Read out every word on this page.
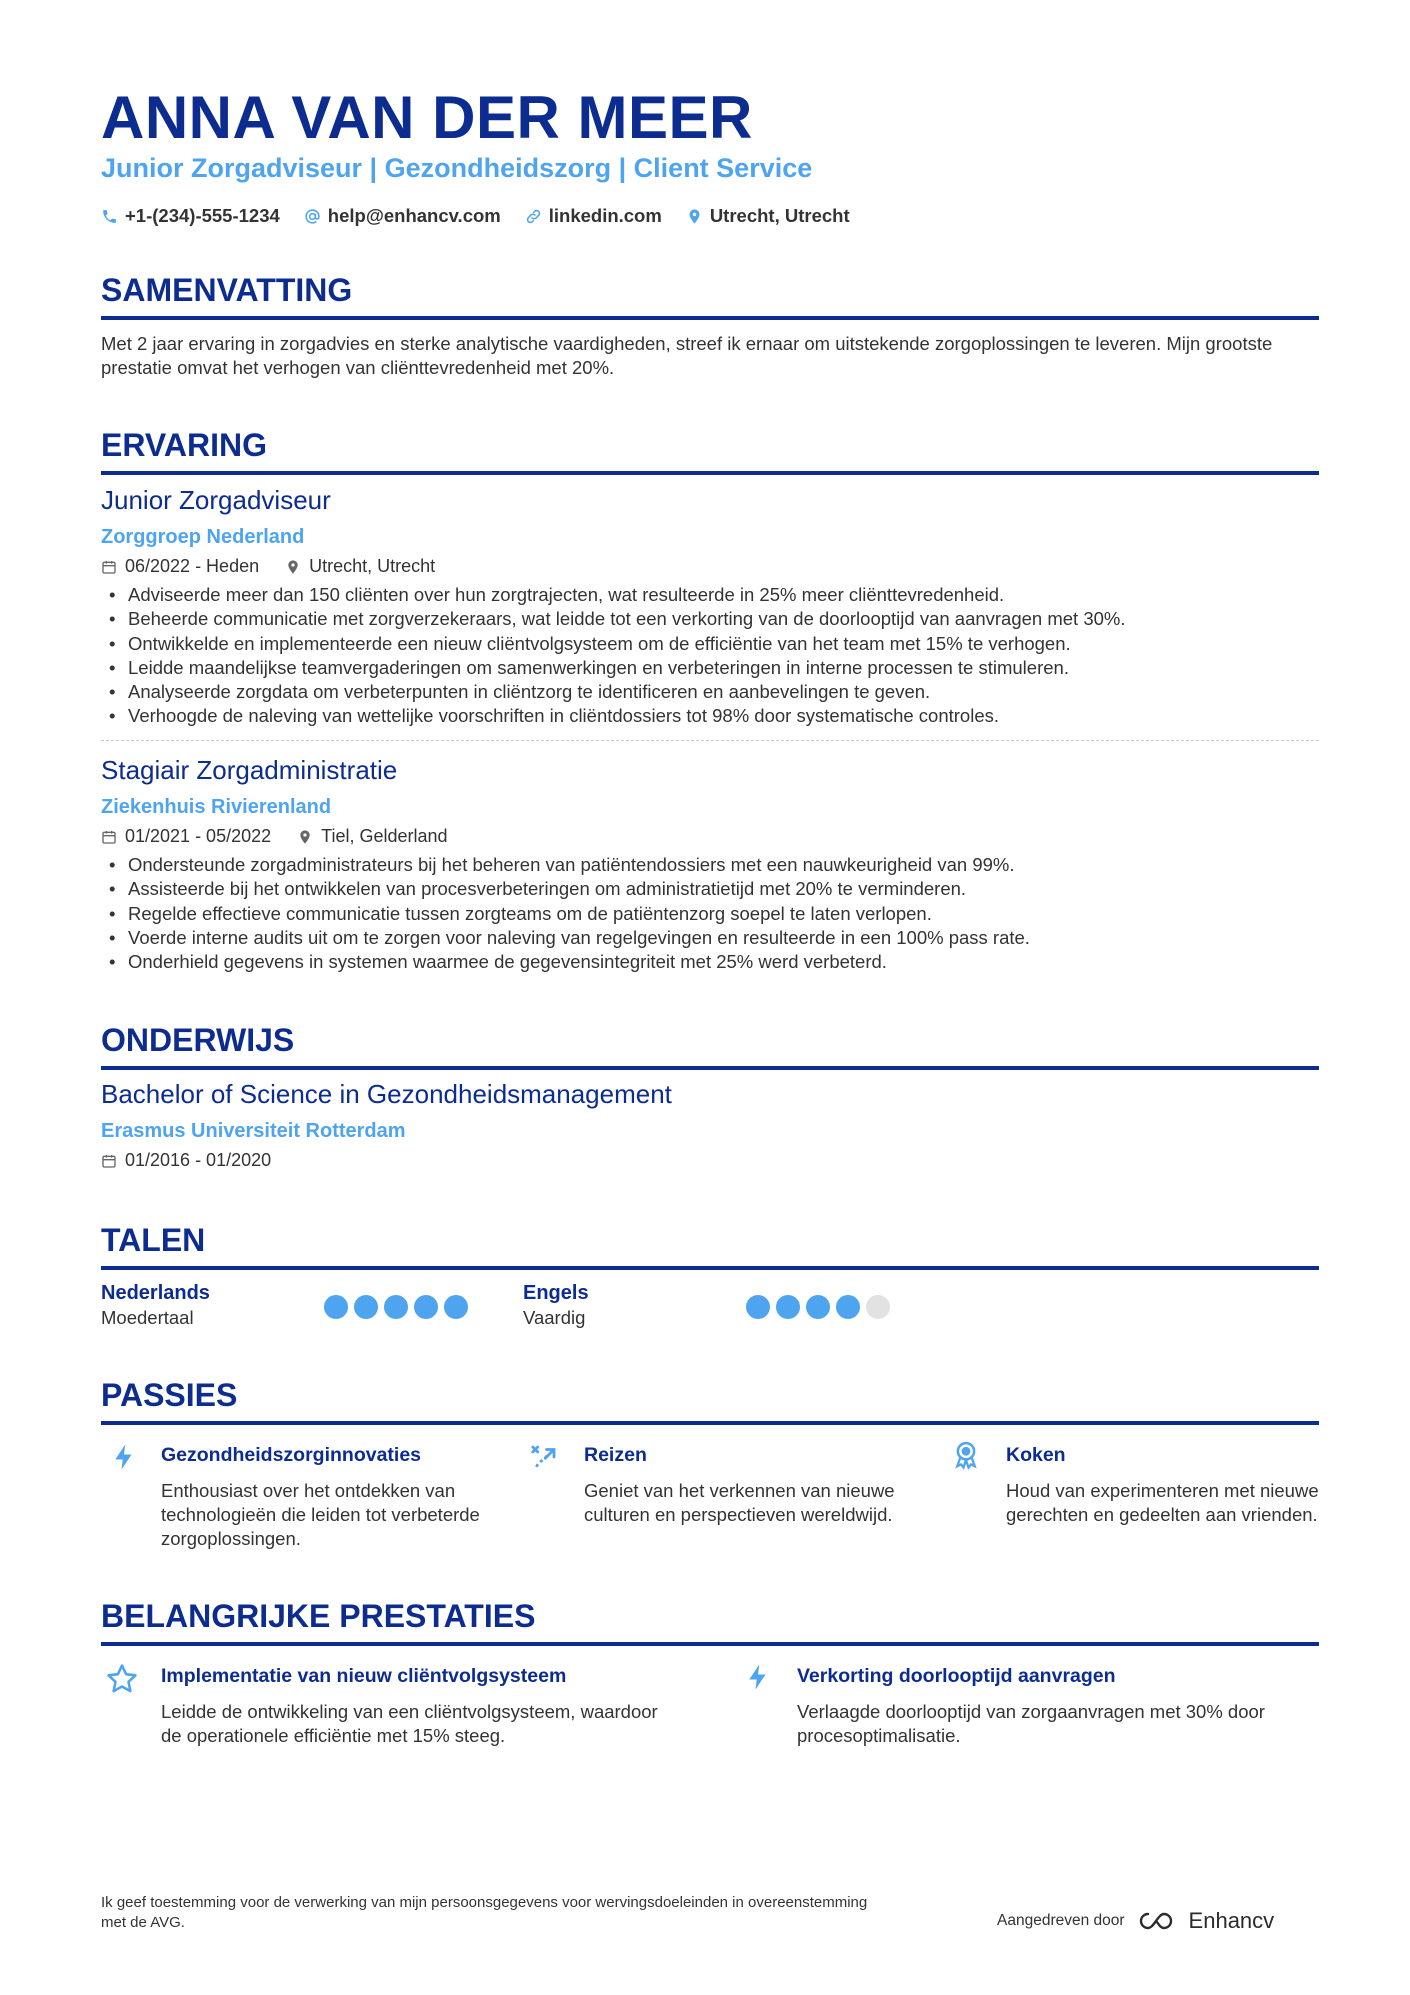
ANNA VAN DER MEER
Junior Zorgadviseur | Gezondheidszorg | Client Service
+1-(234)-555-1234	help@enhancv.com	linkedin.com	Utrecht, Utrecht
SAMENVATTING
Met 2 jaar ervaring in zorgadvies en sterke analytische vaardigheden, streef ik ernaar om uitstekende zorgoplossingen te leveren. Mijn grootste prestatie omvat het verhogen van cliënttevredenheid met 20%.
ERVARING
Junior Zorgadviseur
Zorggroep Nederland
06/2022 - Heden	Utrecht, Utrecht
• Adviseerde meer dan 150 cliënten over hun zorgtrajecten, wat resulteerde in 25% meer cliënttevredenheid.
• Beheerde communicatie met zorgverzekeraars, wat leidde tot een verkorting van de doorlooptijd van aanvragen met 30%.
• Ontwikkelde en implementeerde een nieuw cliëntvolgsysteem om de efficiëntie van het team met 15% te verhogen.
• Leidde maandelijkse teamvergaderingen om samenwerkingen en verbeteringen in interne processen te stimuleren.
• Analyseerde zorgdata om verbeterpunten in cliëntzorg te identificeren en aanbevelingen te geven.
• Verhoogde de naleving van wettelijke voorschriften in cliëntdossiers tot 98% door systematische controles.
Stagiair Zorgadministratie
Ziekenhuis Rivierenland
01/2021 - 05/2022	Tiel, Gelderland
• Ondersteunde zorgadministrateurs bij het beheren van patiëntendossiers met een nauwkeurigheid van 99%.
• Assisteerde bij het ontwikkelen van procesverbeteringen om administratietijd met 20% te verminderen.
• Regelde effectieve communicatie tussen zorgteams om de patiëntenzorg soepel te laten verlopen.
• Voerde interne audits uit om te zorgen voor naleving van regelgevingen en resulteerde in een 100% pass rate.
• Onderhield gegevens in systemen waarmee de gegevensintegriteit met 25% werd verbeterd.
ONDERWIJS
Bachelor of Science in Gezondheidsmanagement
Erasmus Universiteit Rotterdam
01/2016 - 01/2020
TALEN
Nederlands
Moedertaal
Engels
Vaardig
PASSIES
Gezondheidszorginnovaties
Enthousiast over het ontdekken van technologieën die leiden tot verbeterde zorgoplossingen.
Reizen
Geniet van het verkennen van nieuwe culturen en perspectieven wereldwijd.
Koken
Houd van experimenteren met nieuwe gerechten en gedeelten aan vrienden.
BELANGRIJKE PRESTATIES
Implementatie van nieuw cliëntvolgsysteem
Leidde de ontwikkeling van een cliëntvolgsysteem, waardoor de operationele efficiëntie met 15% steeg.
Verkorting doorlooptijd aanvragen
Verlaagde doorlooptijd van zorgaanvragen met 30% door procesoptimalisatie.
Ik geef toestemming voor de verwerking van mijn persoonsgegevens voor wervingsdoeleinden in overeenstemming met de AVG.	Aangedreven door	Enhancv
